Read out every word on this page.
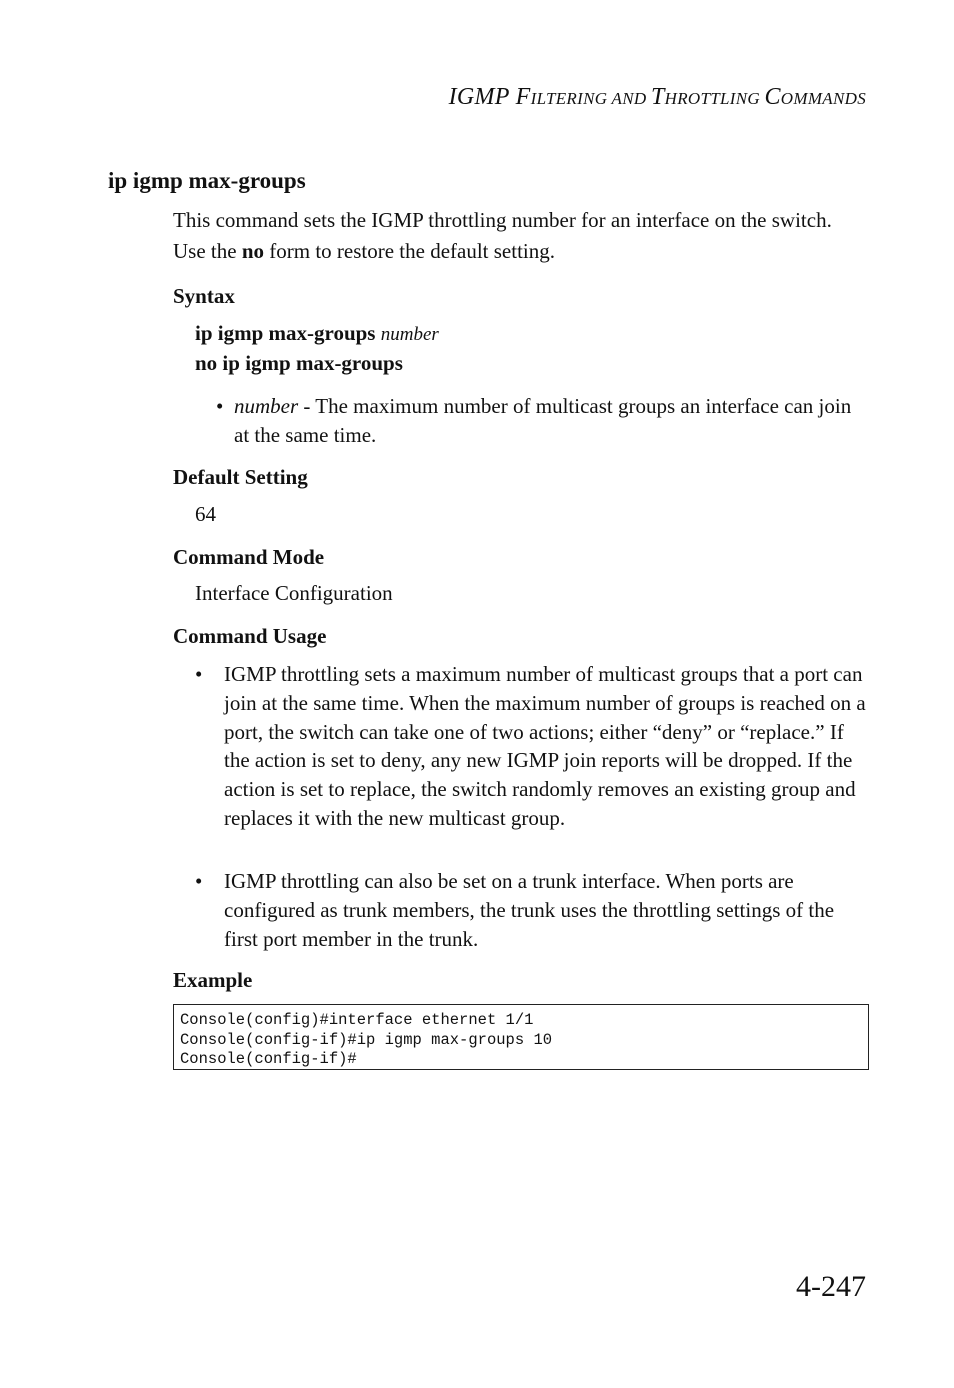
IGMP FILTERING AND THROTTLING COMMANDS
ip igmp max-groups
This command sets the IGMP throttling number for an interface on the switch. Use the no form to restore the default setting.
Syntax
ip igmp max-groups number
no ip igmp max-groups
• number - The maximum number of multicast groups an interface can join at the same time.
Default Setting
64
Command Mode
Interface Configuration
Command Usage
•	IGMP throttling sets a maximum number of multicast groups that a port can join at the same time. When the maximum number of groups is reached on a port, the switch can take one of two actions; either “deny” or “replace.” If the action is set to deny, any new IGMP join reports will be dropped. If the action is set to replace, the switch randomly removes an existing group and replaces it with the new multicast group.
•	IGMP throttling can also be set on a trunk interface. When ports are configured as trunk members, the trunk uses the throttling settings of the first port member in the trunk.
Example
Console(config)#interface ethernet 1/1
Console(config-if)#ip igmp max-groups 10
Console(config-if)#
4-247
